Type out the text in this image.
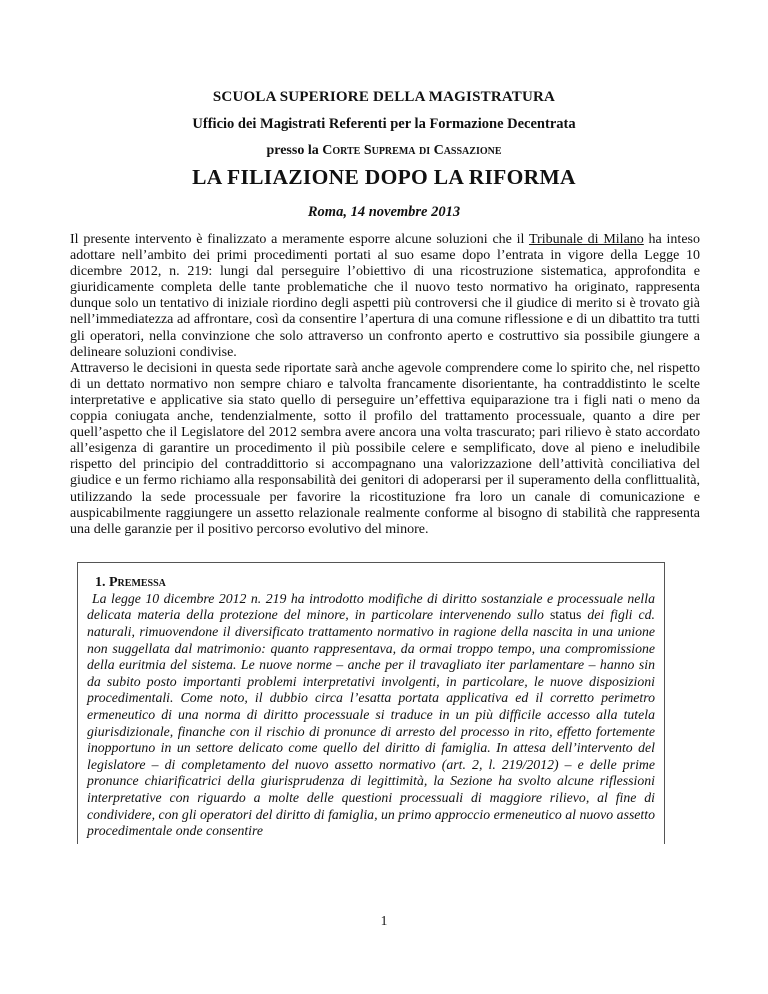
SCUOLA SUPERIORE DELLA MAGISTRATURA
Ufficio dei Magistrati Referenti per la Formazione Decentrata
presso la Corte Suprema di Cassazione
LA FILIAZIONE DOPO LA RIFORMA
Roma, 14 novembre 2013

Il presente intervento è finalizzato a meramente esporre alcune soluzioni che il Tribunale di Milano ha inteso adottare nell’ambito dei primi procedimenti portati al suo esame dopo l’entrata in vigore della Legge 10 dicembre 2012, n. 219: lungi dal perseguire l’obiettivo di una ricostruzione sistematica, approfondita e giuridicamente completa delle tante problematiche che il nuovo testo normativo ha originato, rappresenta dunque solo un tentativo di iniziale riordino degli aspetti più controversi che il giudice di merito si è trovato già nell’immediatezza ad affrontare, così da consentire l’apertura di una comune riflessione e di un dibattito tra tutti gli operatori, nella convinzione che solo attraverso un confronto aperto e costruttivo sia possibile giungere a delineare soluzioni condivise.

Attraverso le decisioni in questa sede riportate sarà anche agevole comprendere come lo spirito che, nel rispetto di un dettato normativo non sempre chiaro e talvolta francamente disorientante, ha contraddistinto le scelte interpretative e applicative sia stato quello di perseguire un’effettiva equiparazione tra i figli nati o meno da coppia coniugata anche, tendenzialmente, sotto il profilo del trattamento processuale, quanto a dire per quell’aspetto che il Legislatore del 2012 sembra avere ancora una volta trascurato; pari rilievo è stato accordato all’esigenza di garantire un procedimento il più possibile celere e semplificato, dove al pieno e ineludibile rispetto del principio del contraddittorio si accompagnano una valorizzazione dell’attività conciliativa del giudice e un fermo richiamo alla responsabilità dei genitori di adoperarsi per il superamento della conflittualità, utilizzando la sede processuale per favorire la ricostituzione fra loro un canale di comunicazione e auspicabilmente raggiungere un assetto relazionale realmente conforme al bisogno di stabilità che rappresenta una delle garanzie per il positivo percorso evolutivo del minore.

1. Premessa

La legge 10 dicembre 2012 n. 219 ha introdotto modifiche di diritto sostanziale e processuale nella delicata materia della protezione del minore, in particolare intervenendo sullo status dei figli cd. naturali, rimuovendone il diversificato trattamento normativo in ragione della nascita in una unione non suggellata dal matrimonio: quanto rappresentava, da ormai troppo tempo, una compromissione della euritmia del sistema. Le nuove norme – anche per il travagliato iter parlamentare – hanno sin da subito posto importanti problemi interpretativi involgenti, in particolare, le nuove disposizioni procedimentali. Come noto, il dubbio circa l’esatta portata applicativa ed il corretto perimetro ermeneutico di una norma di diritto processuale si traduce in un più difficile accesso alla tutela giurisdizionale, finanche con il rischio di pronunce di arresto del processo in rito, effetto fortemente inopportuno in un settore delicato come quello del diritto di famiglia. In attesa dell’intervento del legislatore – di completamento del nuovo assetto normativo (art. 2, l. 219/2012) – e delle prime pronunce chiarificatrici della giurisprudenza di legittimità, la Sezione ha svolto alcune riflessioni interpretative con riguardo a molte delle questioni processuali di maggiore rilievo, al fine di condividere, con gli operatori del diritto di famiglia, un primo approccio ermeneutico al nuovo assetto procedimentale onde consentire

1
